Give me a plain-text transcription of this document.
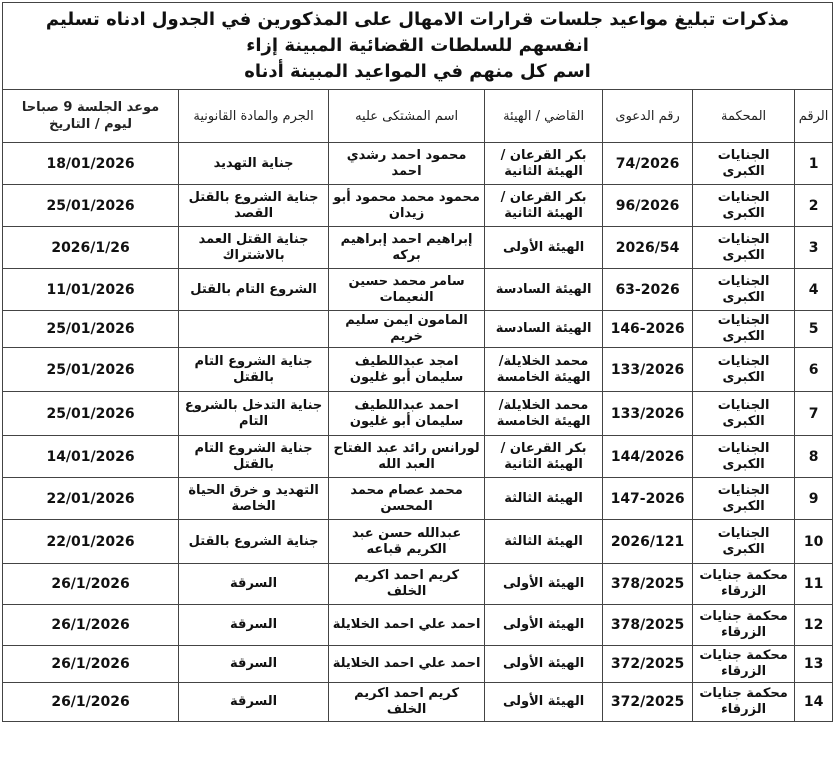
مذكرات تبليغ مواعيد جلسات قرارات الامهال على المذكورين في الجدول ادناه تسليم انفسهم للسلطات القضائية المبينة إزاء
اسم كل منهم في المواعيد المبينة أدناه						

الرقم	المحكمة	رقم الدعوى	القاضي / الهيئة	اسم المشتكى عليه	الجرم والمادة القانونية	موعد الجلسة 9 صباحا ليوم / التاريخ
1	الجنايات الكبرى	74/2026	بكر القرعان /الهيئة الثانية	محمود احمد رشدي احمد	جناية التهديد	18/01/2026
2	الجنايات الكبرى	96/2026	بكر القرعان /الهيئة الثانية	محمود محمد محمود أبو زيدان	جناية الشروع بالقتل القصد	25/01/2026
3	الجنايات الكبرى	2026/54	الهيئة الأولى	إبراهيم احمد إبراهيم بركه	جناية القتل العمد بالاشتراك	2026/1/26
4	الجنايات الكبرى	63-2026	الهيئة السادسة	سامر محمد حسين النعيمات	الشروع التام بالقتل	11/01/2026
5	الجنايات الكبرى	146-2026	الهيئة السادسة	المامون ايمن سليم خريم		25/01/2026
6	الجنايات الكبرى	133/2026	محمد الخلايلة/الهيئة الخامسة	امجد عبداللطيف سليمان أبو غليون	جناية الشروع التام بالقتل	25/01/2026
7	الجنايات الكبرى	133/2026	محمد الخلايلة/الهيئة الخامسة	احمد عبداللطيف سليمان أبو غليون	جناية التدخل بالشروع التام	25/01/2026
8	الجنايات الكبرى	144/2026	بكر القرعان /الهيئة الثانية	لورانس رائد عبد الفتاح العبد الله	جناية الشروع التام بالقتل	14/01/2026
9	الجنايات الكبرى	147-2026	الهيئة الثالثة	محمد عصام محمد المحسن	التهديد و خرق الحياة الخاصة	22/01/2026
10	الجنايات الكبرى	2026/121	الهيئة الثالثة	عبدالله حسن عبد الكريم قباعه	جناية الشروع بالقتل	22/01/2026
11	محكمة جنايات الزرقاء	378/2025	الهيئة الأولى	كريم احمد اكريم الخلف	السرقة	26/1/2026
12	محكمة جنايات الزرقاء	378/2025	الهيئة الأولى	احمد علي احمد الخلايلة	السرقة	26/1/2026
13	محكمة جنايات الزرقاء	372/2025	الهيئة الأولى	احمد علي احمد الخلايلة	السرقة	26/1/2026
14	محكمة جنايات الزرقاء	372/2025	الهيئة الأولى	كريم احمد اكريم الخلف	السرقة	26/1/2026
